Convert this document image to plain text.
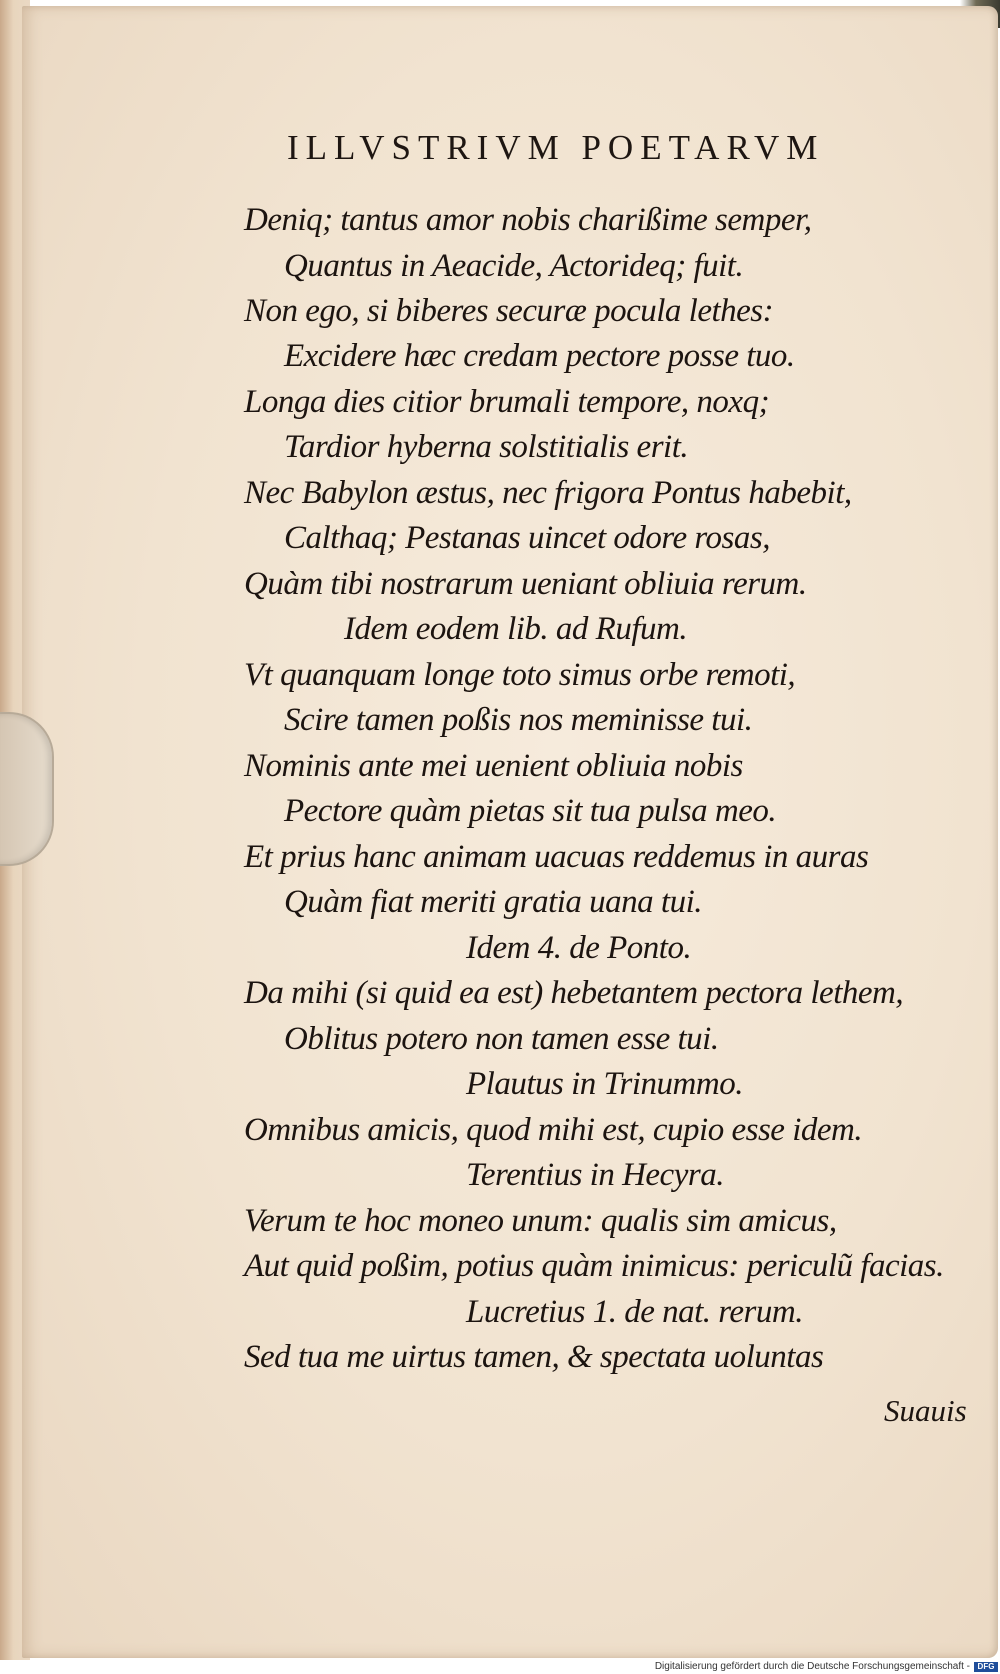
ILLVSTRIVM POETARVM
Deniq; tantus amor nobis charißime semper,
Quantus in Aeacide, Actorideq; fuit.
Non ego, si biberes securæ pocula lethes:
Excidere hæc credam pectore posse tuo.
Longa dies citior brumali tempore, noxq;
Tardior hyberna solstitialis erit.
Nec Babylon æstus, nec frigora Pontus habebit,
Calthaq; Pestanas uincet odore rosas,
Quàm tibi nostrarum ueniant obliuia rerum.
Idem eodem lib. ad Rufum.
Vt quanquam longe toto simus orbe remoti,
Scire tamen poßis nos meminisse tui.
Nominis ante mei uenient obliuia nobis
Pectore quàm pietas sit tua pulsa meo.
Et prius hanc animam uacuas reddemus in auras
Quàm fiat meriti gratia uana tui.
Idem 4. de Ponto.
Da mihi (si quid ea est) hebetantem pectora lethem,
Oblitus potero non tamen esse tui.
Plautus in Trinummo.
Omnibus amicis, quod mihi est, cupio esse idem.
Terentius in Hecyra.
Verum te hoc moneo unum: qualis sim amicus,
Aut quid poßim, potius quàm inimicus: periculũ facias.
Lucretius 1. de nat. rerum.
Sed tua me uirtus tamen, & spectata uoluntas
Suauis
Digitalisierung gefördert durch die Deutsche Forschungsgemeinschaft - DFG
